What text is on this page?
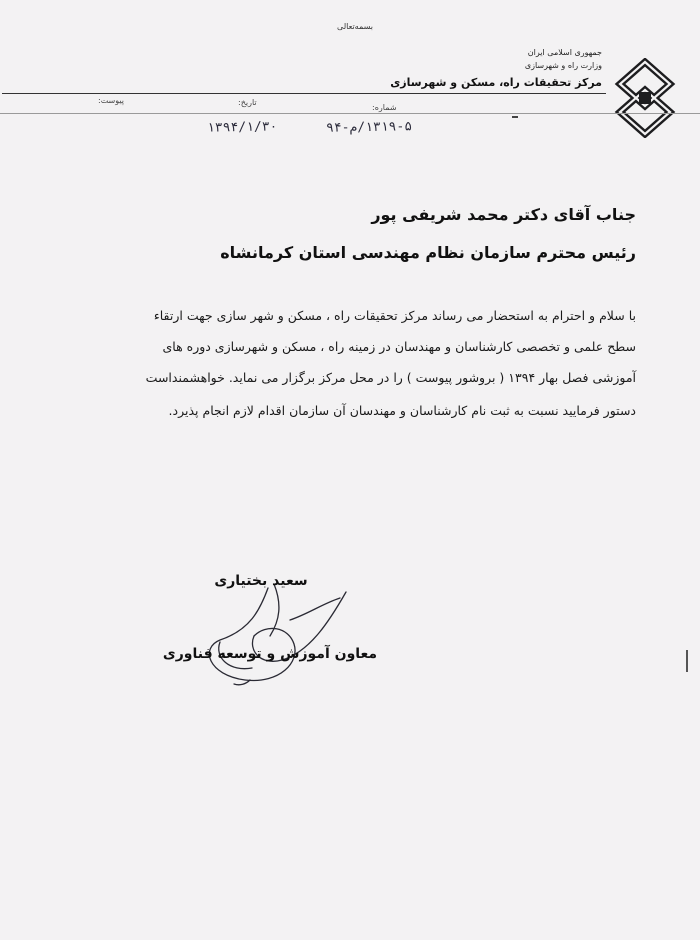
بسمه‌تعالی
جمهوری اسلامی ایران
وزارت راه و شهرسازی
مرکز تحقیقات راه، مسکن و شهرسازی
شماره:
تاریخ:
پیوست:
۱۳۱۹-۵/م-۹۴
۱۳۹۴/۱/۳۰
جناب آقای دکتر محمد شریفی پور
رئیس محترم سازمان نظام مهندسی استان کرمانشاه
با سلام و احترام به استحضار می رساند مرکز تحقیقات راه ، مسکن و شهر سازی جهت ارتقاء
سطح علمی و تخصصی کارشناسان و مهندسان در زمینه راه ، مسکن و شهرسازی دوره های
آموزشی فصل بهار ۱۳۹۴ ( بروشور پیوست ) را در محل مرکز برگزار می نماید. خواهشمنداست
دستور فرمایید نسبت به ثبت نام کارشناسان و مهندسان آن سازمان اقدام لازم انجام پذیرد.
سعید بختیاری
معاون آموزش و توسعه فناوری
